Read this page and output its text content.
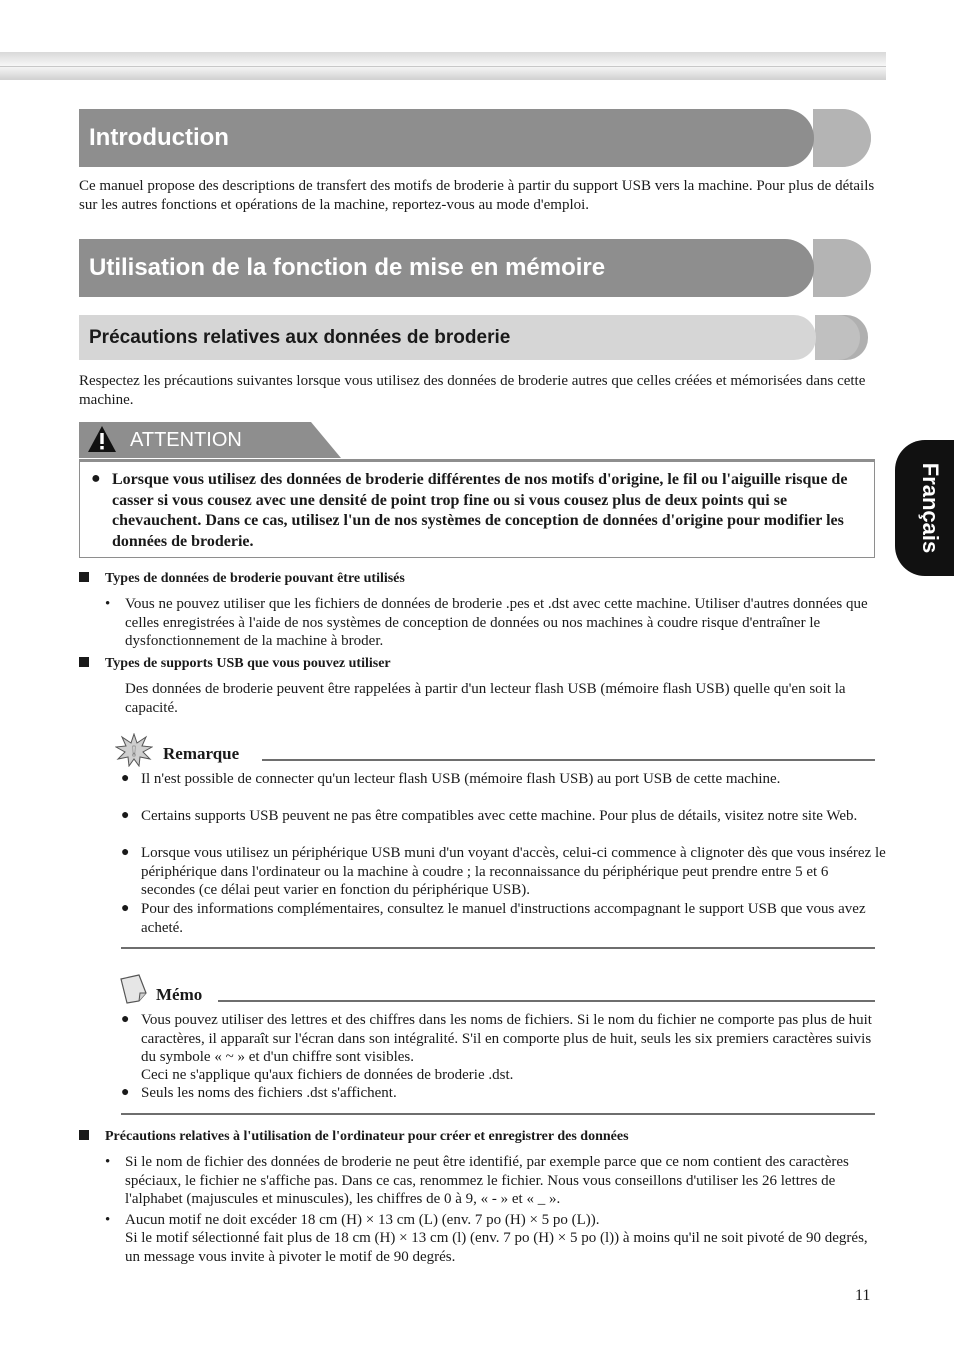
Introduction

Ce manuel propose des descriptions de transfert des motifs de broderie à partir du support USB vers la machine. Pour plus de détails sur les autres fonctions et opérations de la machine, reportez-vous au mode d'emploi.

Utilisation de la fonction de mise en mémoire
Précautions relatives aux données de broderie

Respectez les précautions suivantes lorsque vous utilisez des données de broderie autres que celles créées et mémorisées dans cette machine.

ATTENTION
● Lorsque vous utilisez des données de broderie différentes de nos motifs d'origine, le fil ou l'aiguille risque de casser si vous cousez avec une densité de point trop fine ou si vous cousez plus de deux points qui se chevauchent. Dans ce cas, utilisez l'un de nos systèmes de conception de données d'origine pour modifier les données de broderie.	Français
Types de données de broderie pouvant être utilisés
• Vous ne pouvez utiliser que les fichiers de données de broderie .pes et .dst avec cette machine. Utiliser d'autres données que celles enregistrées à l'aide de nos systèmes de conception de données ou nos machines à coudre risque d'entraîner le dysfonctionnement de la machine à broder.
Types de supports USB que vous pouvez utiliser

Des données de broderie peuvent être rappelées à partir d'un lecteur flash USB (mémoire flash USB) quelle qu'en soit la capacité.

! Remarque
● Il n'est possible de connecter qu'un lecteur flash USB (mémoire flash USB) au port USB de cette machine.
● Certains supports USB peuvent ne pas être compatibles avec cette machine. Pour plus de détails, visitez notre site Web.
● Lorsque vous utilisez un périphérique USB muni d'un voyant d'accès, celui-ci commence à clignoter dès que vous insérez le périphérique dans l'ordinateur ou la machine à coudre ; la reconnaissance du périphérique peut prendre entre 5 et 6 secondes (ce délai peut varier en fonction du périphérique USB).
● Pour des informations complémentaires, consultez le manuel d'instructions accompagnant le support USB que vous avez acheté.
Mémo
● Vous pouvez utiliser des lettres et des chiffres dans les noms de fichiers. Si le nom du fichier ne comporte pas plus de huit caractères, il apparaît sur l'écran dans son intégralité. S'il en comporte plus de huit, seuls les six premiers caractères suivis du symbole « ~ » et d'un chiffre sont visibles.
Ceci ne s'applique qu'aux fichiers de données de broderie .dst.
● Seuls les noms des fichiers .dst s'affichent.
Précautions relatives à l'utilisation de l'ordinateur pour créer et enregistrer des données
• Si le nom de fichier des données de broderie ne peut être identifié, par exemple parce que ce nom contient des caractères spéciaux, le fichier ne s'affiche pas. Dans ce cas, renommez le fichier. Nous vous conseillons d'utiliser les 26 lettres de l'alphabet (majuscules et minuscules), les chiffres de 0 à 9, « - » et « _ ».
• Aucun motif ne doit excéder 18 cm (H) × 13 cm (L) (env. 7 po (H) × 5 po (L)).

Si le motif sélectionné fait plus de 18 cm (H) × 13 cm (l) (env. 7 po (H) × 5 po (l)) à moins qu'il ne soit pivoté de 90 degrés, un message vous invite à pivoter le motif de 90 degrés.

11
